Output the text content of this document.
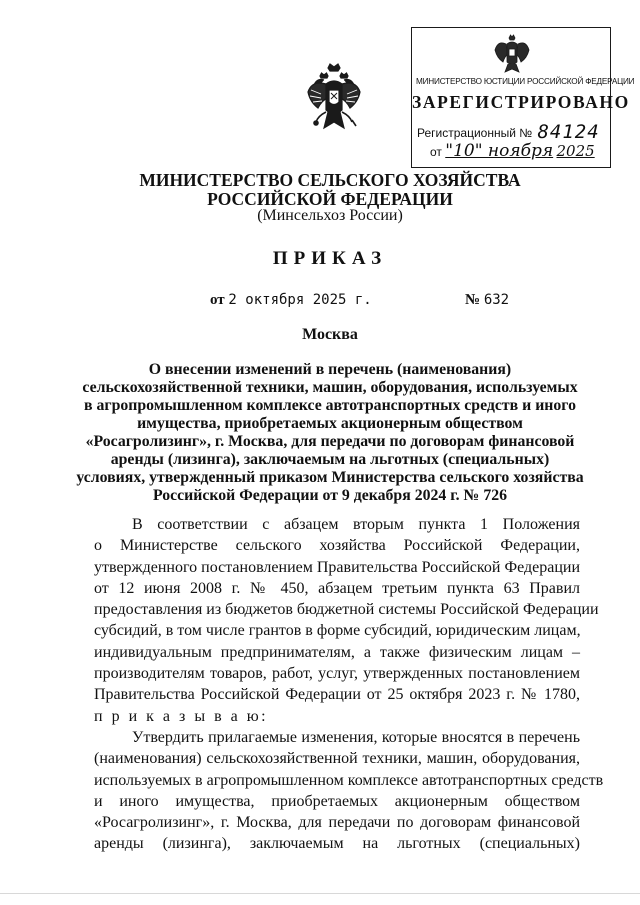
МИНИСТЕРСТВО ЮСТИЦИИ РОССИЙСКОЙ ФЕДЕРАЦИИ
ЗАРЕГИСТРИРОВАНО
Регистрационный № 84124
от "10" ноября 2025
МИНИСТЕРСТВО СЕЛЬСКОГО ХОЗЯЙСТВА
РОССИЙСКОЙ ФЕДЕРАЦИИ
(Минсельхоз России)
ПРИКАЗ
от 2 октября 2025 г.	№ 632
Москва
О внесении изменений в перечень (наименования)
сельскохозяйственной техники, машин, оборудования, используемых
в агропромышленном комплексе автотранспортных средств и иного
имущества, приобретаемых акционерным обществом
«Росагролизинг», г. Москва, для передачи по договорам финансовой
аренды (лизинга), заключаемым на льготных (специальных)
условиях, утвержденный приказом Министерства сельского хозяйства
Российской Федерации от 9 декабря 2024 г. № 726
В соответствии с абзацем вторым пункта 1 Положения
о Министерстве сельского хозяйства Российской Федерации,
утвержденного постановлением Правительства Российской Федерации
от 12 июня 2008 г. № 450, абзацем третьим пункта 63 Правил
предоставления из бюджетов бюджетной системы Российской Федерации
субсидий, в том числе грантов в форме субсидий, юридическим лицам,
индивидуальным предпринимателям, а также физическим лицам –
производителям товаров, работ, услуг, утвержденных постановлением
Правительства Российской Федерации от 25 октября 2023 г. № 1780,
п р и к а з ы в а ю:
Утвердить прилагаемые изменения, которые вносятся в перечень
(наименования) сельскохозяйственной техники, машин, оборудования,
используемых в агропромышленном комплексе автотранспортных средств
и иного имущества, приобретаемых акционерным обществом
«Росагролизинг», г. Москва, для передачи по договорам финансовой
аренды (лизинга), заключаемым на льготных (специальных)
